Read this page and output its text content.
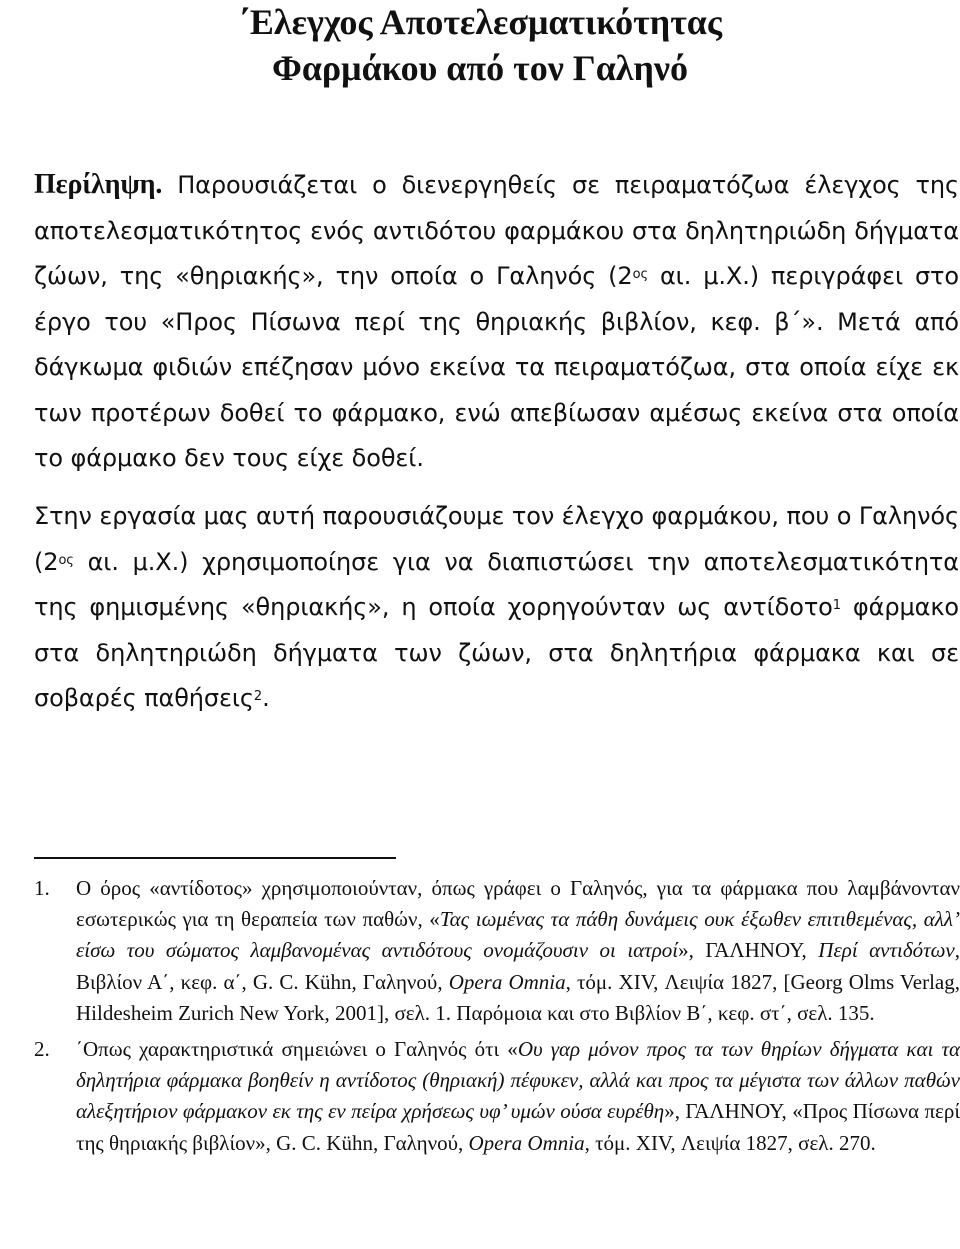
΄Ελεγχος Αποτελεσματικότητας
Φαρμάκου από τον Γαληνό

Περίληψη. Παρουσιάζεται ο διενεργηθείς σε πειραματόζωα έλεγχος της αποτελεσματικότητος ενός αντιδότου φαρμάκου στα δηλητηριώδη δήγματα ζώων, της «θηριακής», την οποία ο Γαληνός ($2^{o\varsigma}$ αι. μ.Χ.) περιγράφει στο έργο του «Προς Πίσωνα περί της θηριακής βιβλίον, κεφ. β΄». Μετά από δάγκωμα φιδιών επέζησαν μόνο εκείνα τα πειραματόζωα, στα οποία είχε εκ των προτέρων δοθεί το φάρμακο, ενώ απεβίωσαν αμέσως εκείνα στα οποία το φάρμακο δεν τους είχε δοθεί.

Στην εργασία μας αυτή παρουσιάζουμε τον έλεγχο φαρμάκου, που ο Γαληνός ($2^{o\varsigma}$ αι. μ.Χ.) χρησιμοποίησε για να διαπιστώσει την αποτελεσματικότητα της φημισμένης «θηριακής», η οποία χορηγούνταν ως αντίδοτο$^1$ φάρμακο στα δηλητηριώδη δήγματα των ζώων, στα δηλητήρια φάρμακα και σε σοβαρές παθήσεις$^2$.

1. Ο όρος «αντίδοτος» χρησιμοποιούνταν, όπως γράφει ο Γαληνός, για τα φάρμακα που λαμβάνονταν εσωτερικώς για τη θεραπεία των παθών, «Τας ιωμένας τα πάθη δυνάμεις ουκ έξωθεν επιτιθεμένας, αλλ’ είσω του σώματος λαμβανομένας αντιδότους ονομάζουσιν οι ιατροί», ΓΑΛΗΝΟΥ, Περί αντιδότων, Βιβλίον Α΄, κεφ. α΄, G. C. Kühn, Γαληνού, Opera Omnia, τόμ. XIV, Λειψία 1827, [Georg Olms Verlag, Hildesheim Zurich New York, 2001], σελ. 1. Παρόμοια και στο Βιβλίον Β΄, κεφ. στ΄, σελ. 135.
2. ΄Οπως χαρακτηριστικά σημειώνει ο Γαληνός ότι «Ου γαρ μόνον προς τα των θηρίων δήγματα και τα δηλητήρια φάρμακα βοηθείν η αντίδοτος (θηριακή) πέφυκεν, αλλά και προς τα μέγιστα των άλλων παθών αλεξητήριον φάρμακον εκ της εν πείρα χρήσεως υφ’ υμών ούσα ευρέθη», ΓΑΛΗΝΟΥ, «Προς Πίσωνα περί της θηριακής βιβλίον», G. C. Kühn, Γαληνού, Opera Omnia, τόμ. XIV, Λειψία 1827, σελ. 270.
